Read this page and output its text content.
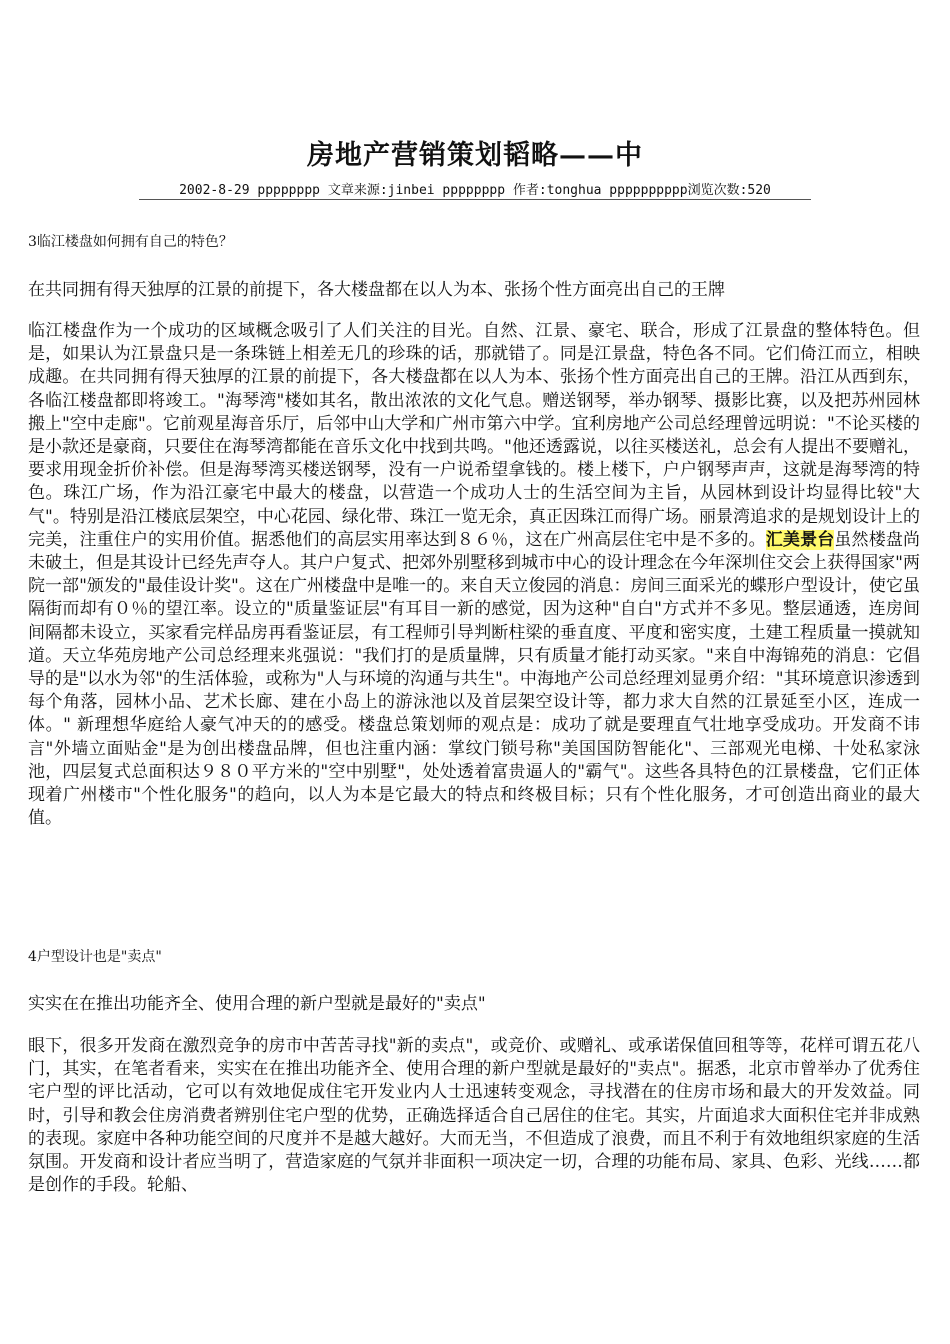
房地产营销策划韬略——中
2002-8-29 pppppppp 文章来源:jinbei pppppppp 作者:tonghua pppppppppp浏览次数:520
3临江楼盘如何拥有自己的特色？
在共同拥有得天独厚的江景的前提下，各大楼盘都在以人为本、张扬个性方面亮出自己的王牌
临江楼盘作为一个成功的区域概念吸引了人们关注的目光。自然、江景、豪宅、联合，形成了江景盘的整体特色。但是，如果认为江景盘只是一条珠链上相差无几的珍珠的话，那就错了。同是江景盘，特色各不同。它们倚江而立，相映成趣。在共同拥有得天独厚的江景的前提下，各大楼盘都在以人为本、张扬个性方面亮出自己的王牌。沿江从西到东，各临江楼盘都即将竣工。"海琴湾"楼如其名，散出浓浓的文化气息。赠送钢琴，举办钢琴、摄影比赛，以及把苏州园林搬上"空中走廊"。它前观星海音乐厅，后邻中山大学和广州市第六中学。宜利房地产公司总经理曾远明说："不论买楼的是小款还是豪商，只要住在海琴湾都能在音乐文化中找到共鸣。"他还透露说，以往买楼送礼，总会有人提出不要赠礼，要求用现金折价补偿。但是海琴湾买楼送钢琴，没有一户说希望拿钱的。楼上楼下，户户钢琴声声，这就是海琴湾的特色。珠江广场，作为沿江豪宅中最大的楼盘，以营造一个成功人士的生活空间为主旨，从园林到设计均显得比较"大气"。特别是沿江楼底层架空，中心花园、绿化带、珠江一览无余，真正因珠江而得广场。丽景湾追求的是规划设计上的完美，注重住户的实用价值。据悉他们的高层实用率达到８６％，这在广州高层住宅中是不多的。汇美景台虽然楼盘尚未破土，但是其设计已经先声夺人。其户户复式、把郊外别墅移到城市中心的设计理念在今年深圳住交会上获得国家"两院一部"颁发的"最佳设计奖"。这在广州楼盘中是唯一的。来自天立俊园的消息：房间三面采光的蝶形户型设计，使它虽隔街而却有０％的望江率。设立的"质量鉴证层"有耳目一新的感觉，因为这种"自白"方式并不多见。整层通透，连房间间隔都未设立，买家看完样品房再看鉴证层，有工程师引导判断柱梁的垂直度、平度和密实度，土建工程质量一摸就知道。天立华苑房地产公司总经理来兆强说："我们打的是质量牌，只有质量才能打动买家。"来自中海锦苑的消息：它倡导的是"以水为邻"的生活体验，或称为"人与环境的沟通与共生"。中海地产公司总经理刘显勇介绍："其环境意识渗透到每个角落，园林小品、艺术长廊、建在小岛上的游泳池以及首层架空设计等，都力求大自然的江景延至小区，连成一体。" 新理想华庭给人豪气冲天的的感受。楼盘总策划师的观点是：成功了就是要理直气壮地享受成功。开发商不讳言"外墙立面贴金"是为创出楼盘品牌，但也注重内涵：掌纹门锁号称"美国国防智能化"、三部观光电梯、十处私家泳池，四层复式总面积达９８０平方米的"空中别墅"，处处透着富贵逼人的"霸气"。这些各具特色的江景楼盘，它们正体现着广州楼市"个性化服务"的趋向，以人为本是它最大的特点和终极目标；只有个性化服务，才可创造出商业的最大值。
4户型设计也是"卖点"
实实在在推出功能齐全、使用合理的新户型就是最好的"卖点"
眼下，很多开发商在激烈竞争的房市中苦苦寻找"新的卖点"，或竞价、或赠礼、或承诺保值回租等等，花样可谓五花八门，其实，在笔者看来，实实在在推出功能齐全、使用合理的新户型就是最好的"卖点"。据悉，北京市曾举办了优秀住宅户型的评比活动，它可以有效地促成住宅开发业内人士迅速转变观念，寻找潜在的住房市场和最大的开发效益。同时，引导和教会住房消费者辨别住宅户型的优势，正确选择适合自己居住的住宅。其实，片面追求大面积住宅并非成熟的表现。家庭中各种功能空间的尺度并不是越大越好。大而无当，不但造成了浪费，而且不利于有效地组织家庭的生活氛围。开发商和设计者应当明了，营造家庭的气氛并非面积一项决定一切，合理的功能布局、家具、色彩、光线……都是创作的手段。轮船、
